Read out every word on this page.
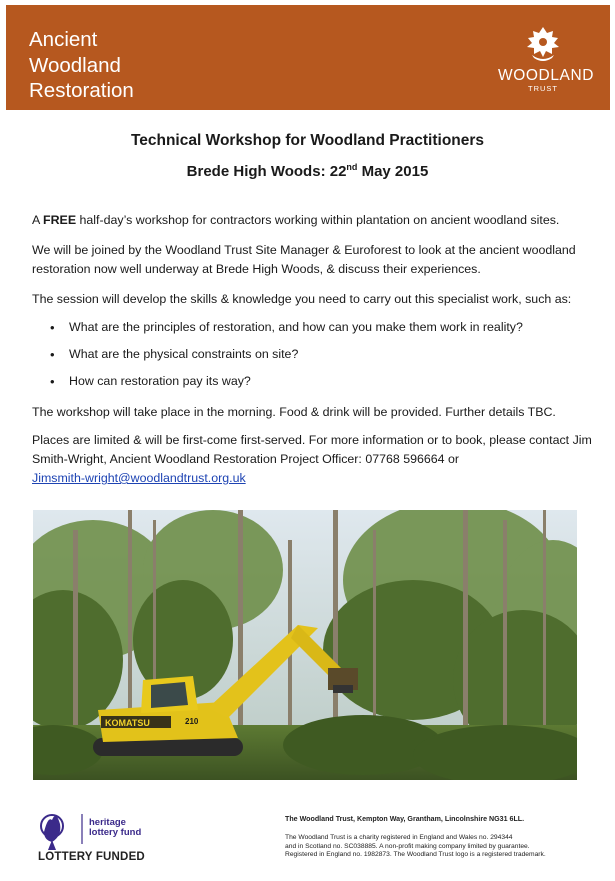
Ancient
Woodland
Restoration
WOODLAND
TRUST
Technical Workshop for Woodland Practitioners
Brede High Woods: 22nd May 2015

A FREE half-day’s workshop for contractors working within plantation on ancient woodland sites.

We will be joined by the Woodland Trust Site Manager & Euroforest to look at the ancient woodland restoration now well underway at Brede High Woods, & discuss their experiences.

The session will develop the skills & knowledge you need to carry out this specialist work, such as:

• What are the principles of restoration, and how can you make them work in reality?
• What are the physical constraints on site?
• How can restoration pay its way?

The workshop will take place in the morning. Food & drink will be provided. Further details TBC.

Places are limited & will be first-come first-served. For more information or to book, please contact Jim Smith-Wright, Ancient Woodland Restoration Project Officer: 07768 596664 or
Jimsmith-wright@woodlandtrust.org.uk

KOMATSU	210
heritage
lottery fund
LOTTERY FUNDED
The Woodland Trust, Kempton Way, Grantham, Lincolnshire NG31 6LL.
The Woodland Trust is a charity registered in England and Wales no. 294344
and in Scotland no. SC038885. A non-profit making company limited by guarantee.
Registered in England no. 1982873. The Woodland Trust logo is a registered trademark.
